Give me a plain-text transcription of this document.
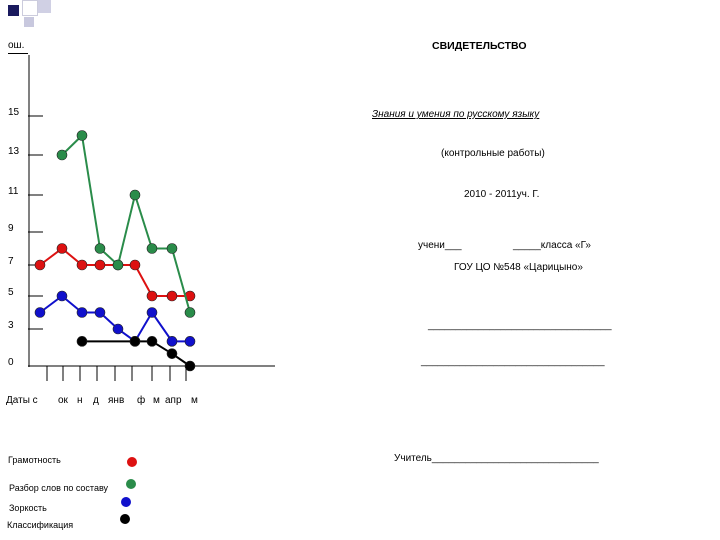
ош.
15
13
11
9
7
5
3
0
Даты с ок н д янв ф м апр м
СВИДЕТЕЛЬСТВО
Знания и умения по русскому языку
(контрольные работы)
2010 - 2011уч. Г.
учени___	_____класса «Г»
ГОУ ЦО №548 «Царицыно»
_________________________________
_________________________________
Учитель______________________________
Грамотность
Разбор слов по составу
Зоркость
Классификация
